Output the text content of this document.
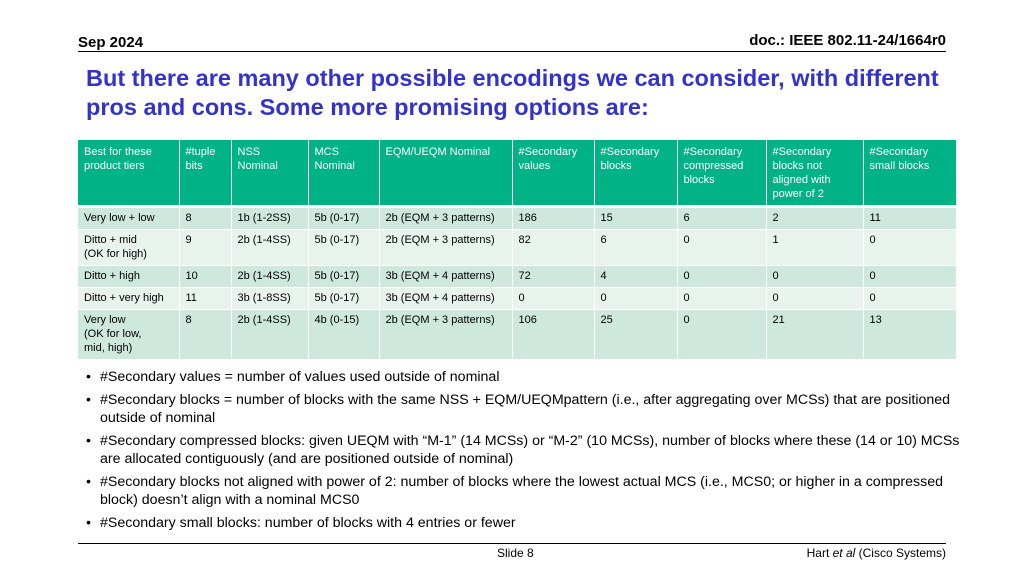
Sep 2024	doc.: IEEE 802.11-24/1664r0
But there are many other possible encodings we can consider, with different pros and cons. Some more promising options are:
Best for these product tiers	#tuple bits	NSS Nominal	MCS Nominal	EQM/UEQM Nominal	#Secondary values	#Secondary blocks	#Secondary compressed blocks	#Secondary blocks not aligned with power of 2	#Secondary small blocks
Very low + low	8	1b (1-2SS)	5b (0-17)	2b (EQM + 3 patterns)	186	15	6	2	11
Ditto + mid
(OK for high)	9	2b (1-4SS)	5b (0-17)	2b (EQM + 3 patterns)	82	6	0	1	0
Ditto + high	10	2b (1-4SS)	5b (0-17)	3b (EQM + 4 patterns)	72	4	0	0	0
Ditto + very high	11	3b (1-8SS)	5b (0-17)	3b (EQM + 4 patterns)	0	0	0	0	0
Very low
(OK for low,
mid, high)	8	2b (1-4SS)	4b (0-15)	2b (EQM + 3 patterns)	106	25	0	21	13
• #Secondary values = number of values used outside of nominal
• #Secondary blocks = number of blocks with the same NSS + EQM/UEQMpattern (i.e., after aggregating over MCSs) that are positioned outside of nominal
• #Secondary compressed blocks: given UEQM with “M-1” (14 MCSs) or “M-2” (10 MCSs), number of blocks where these (14 or 10) MCSs are allocated contiguously (and are positioned outside of nominal)
• #Secondary blocks not aligned with power of 2: number of blocks where the lowest actual MCS (i.e., MCS0; or higher in a compressed block) doesn’t align with a nominal MCS0
• #Secondary small blocks: number of blocks with 4 entries or fewer
Slide 8	Hart et al (Cisco Systems)
